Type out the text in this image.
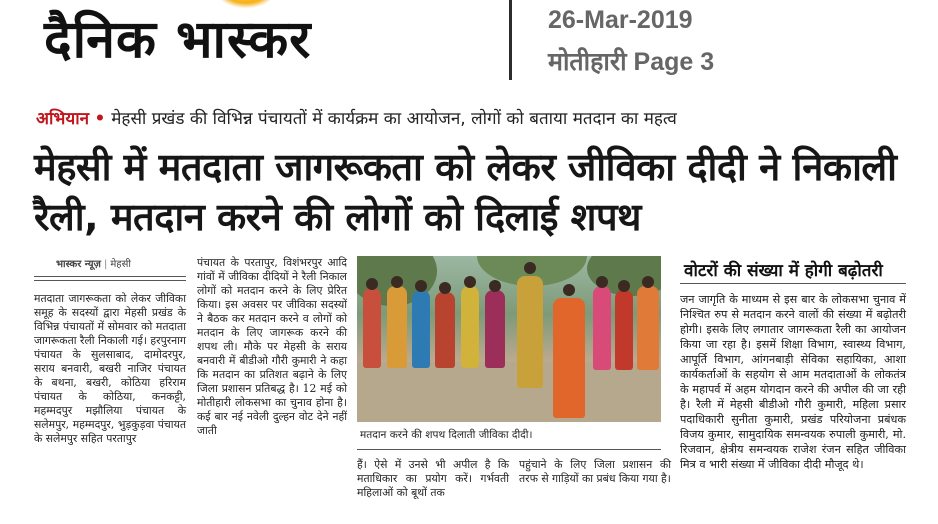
दैनिक भास्कर	26-Mar-2019
मोतीहारी Page 3
अभियान • मेहसी प्रखंड की विभिन्न पंचायतों में कार्यक्रम का आयोजन, लोगों को बताया मतदान का महत्व
मेहसी में मतदाता जागरूकता को लेकर जीविका दीदी ने निकाली रैली, मतदान करने की लोगों को दिलाई शपथ
भास्कर न्यूज़ | मेहसी
मतदाता जागरूकता को लेकर जीविका समूह के सदस्यों द्वारा मेहसी प्रखंड के विभिन्न पंचायतों में सोमवार को मतदाता जागरूकता रैली निकाली गई। हरपुरनाग पंचायत के सुलसाबाद, दामोदरपुर, सराय बनवारी, बखरी नाजिर पंचायत के बथना, बखरी, कोठिया हरिराम पंचायत के कोठिया, कनकट्टी, महम्मदपुर मझौलिया पंचायत के सलेमपुर, महम्मदपुर, भुड़कुड़वा पंचायत के सलेमपुर सहित परतापुर
पंचायत के परतापुर, विशंभरपुर आदि गांवों में जीविका दीदियों ने रैली निकाल लोगों को मतदान करने के लिए प्रेरित किया। इस अवसर पर जीविका सदस्यों ने बैठक कर मतदान करने व लोगों को मतदान के लिए जागरूक करने की शपथ ली। मौके पर मेहसी के सराय बनवारी में बीडीओ गौरी कुमारी ने कहा कि मतदान का प्रतिशत बढ़ाने के लिए जिला प्रशासन प्रतिबद्ध है। 12 मई को मोतीहारी लोकसभा का चुनाव होना है। कई बार नई नवेली दुल्हन वोट देने नहीं जाती	मतदान करने की शपथ दिलाती जीविका दीदी।
हैं। ऐसे में उनसे भी अपील है कि मताधिकार का प्रयोग करें। गर्भवती महिलाओं को बूथों तक
पहुंचाने के लिए जिला प्रशासन की तरफ से गाड़ियों का प्रबंध किया गया है।
वोटरों की संख्या में होगी बढ़ोतरी
जन जागृति के माध्यम से इस बार के लोकसभा चुनाव में निश्चित रुप से मतदान करने वालों की संख्या में बढ़ोतरी होगी। इसके लिए लगातार जागरूकता रैली का आयोजन किया जा रहा है। इसमें शिक्षा विभाग, स्वास्थ्य विभाग, आपूर्ति विभाग, आंगनबाड़ी सेविका सहायिका, आशा कार्यकर्ताओं के सहयोग से आम मतदाताओं के लोकतंत्र के महापर्व में अहम योगदान करने की अपील की जा रही है। रैली में मेहसी बीडीओ गौरी कुमारी, महिला प्रसार पदाधिकारी सुनीता कुमारी, प्रखंड परियोजना प्रबंधक विजय कुमार, सामुदायिक समन्वयक रुपाली कुमारी, मो. रिजवान, क्षेत्रीय समन्वयक राजेश रंजन सहित जीविका मित्र व भारी संख्या में जीविका दीदी मौजूद थे।
